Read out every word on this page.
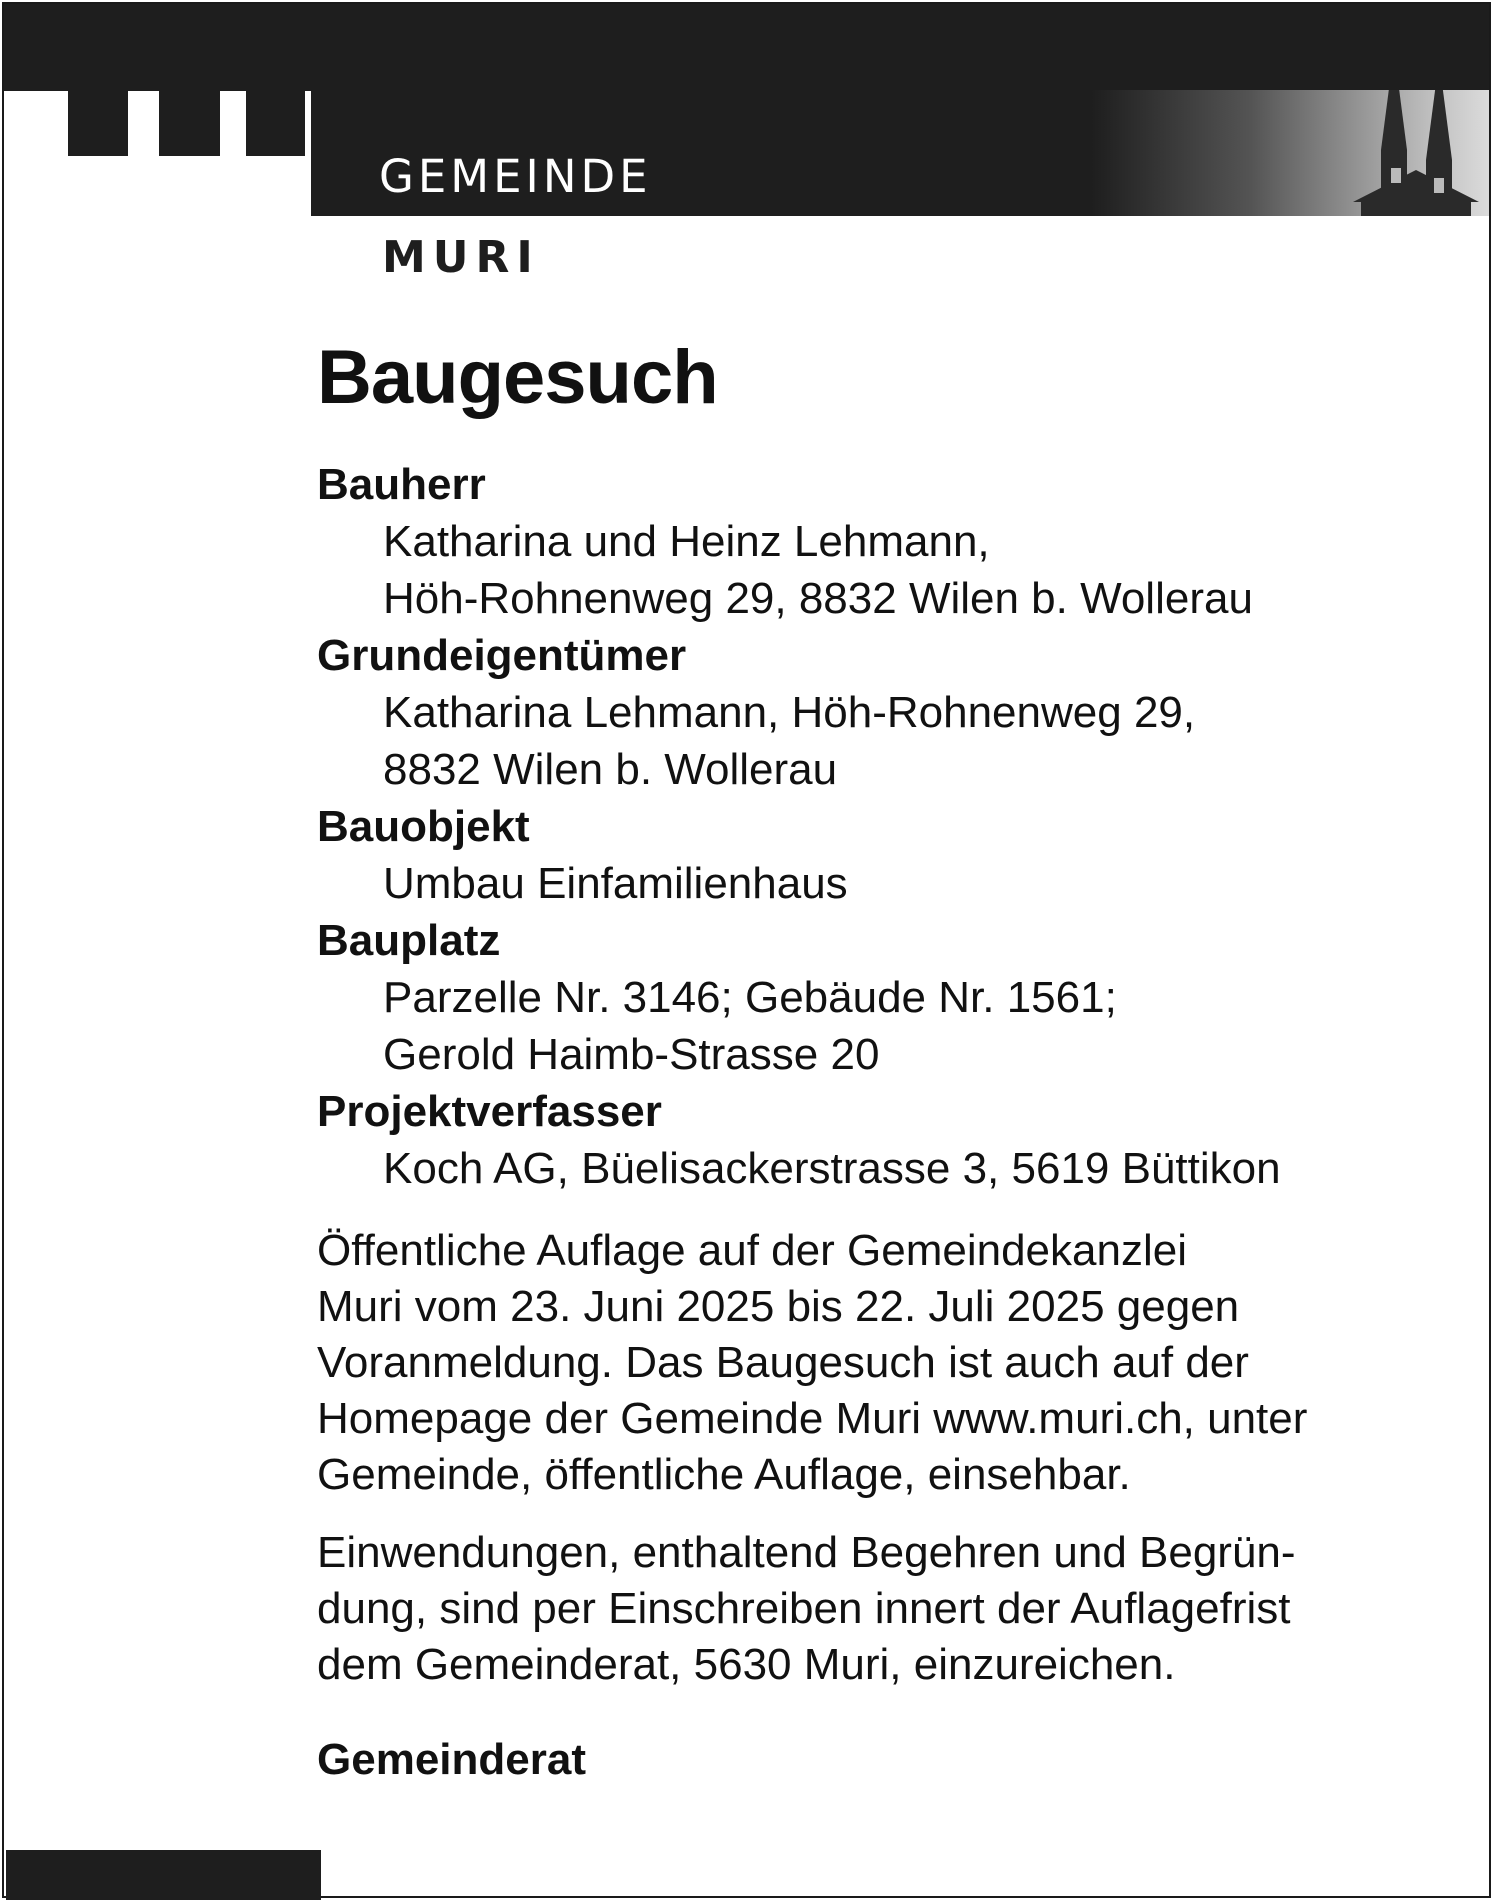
GEMEINDE
MURI
Baugesuch
Bauherr
Katharina und Heinz Lehmann,
Höh-Rohnenweg 29, 8832 Wilen b. Wollerau
Grundeigentümer
Katharina Lehmann, Höh-Rohnenweg 29,
8832 Wilen b. Wollerau
Bauobjekt
Umbau Einfamilienhaus
Bauplatz
Parzelle Nr. 3146; Gebäude Nr. 1561;
Gerold Haimb-Strasse 20
Projektverfasser
Koch AG, Büelisackerstrasse 3, 5619 Büttikon
Öffentliche Auflage auf der Gemeindekanzlei
Muri vom 23. Juni 2025 bis 22. Juli 2025 gegen
Voranmeldung. Das Baugesuch ist auch auf der
Homepage der Gemeinde Muri www.muri.ch, unter
Gemeinde, öffentliche Auflage, einsehbar.
Einwendungen, enthaltend Begehren und Begrün-
dung, sind per Einschreiben innert der Auflagefrist
dem Gemeinderat, 5630 Muri, einzureichen.
Gemeinderat
